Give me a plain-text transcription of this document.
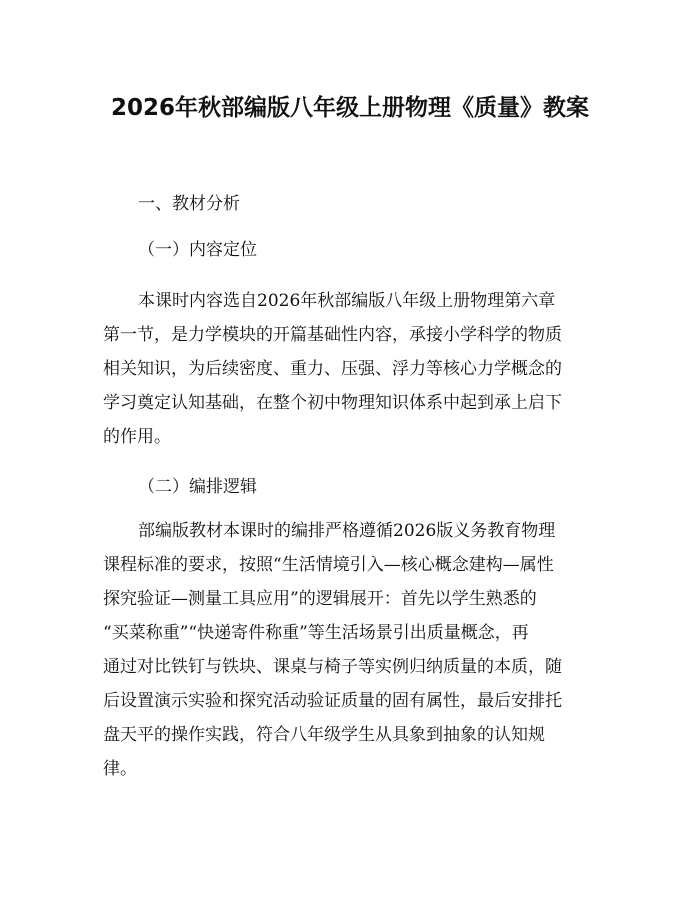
2026年秋部编版八年级上册物理《质量》教案
一、教材分析
（一）内容定位

本课时内容选自2026年秋部编版八年级上册物理第六章
第一节，是力学模块的开篇基础性内容，承接小学科学的物质
相关知识，为后续密度、重力、压强、浮力等核心力学概念的
学习奠定认知基础，在整个初中物理知识体系中起到承上启下
的作用。

（二）编排逻辑

部编版教材本课时的编排严格遵循2026版义务教育物理
课程标准的要求，按照“生活情境引入—核心概念建构—属性
探究验证—测量工具应用”的逻辑展开：首先以学生熟悉的
“买菜称重”“快递寄件称重”等生活场景引出质量概念，再
通过对比铁钉与铁块、课桌与椅子等实例归纳质量的本质，随
后设置演示实验和探究活动验证质量的固有属性，最后安排托
盘天平的操作实践，符合八年级学生从具象到抽象的认知规
律。
